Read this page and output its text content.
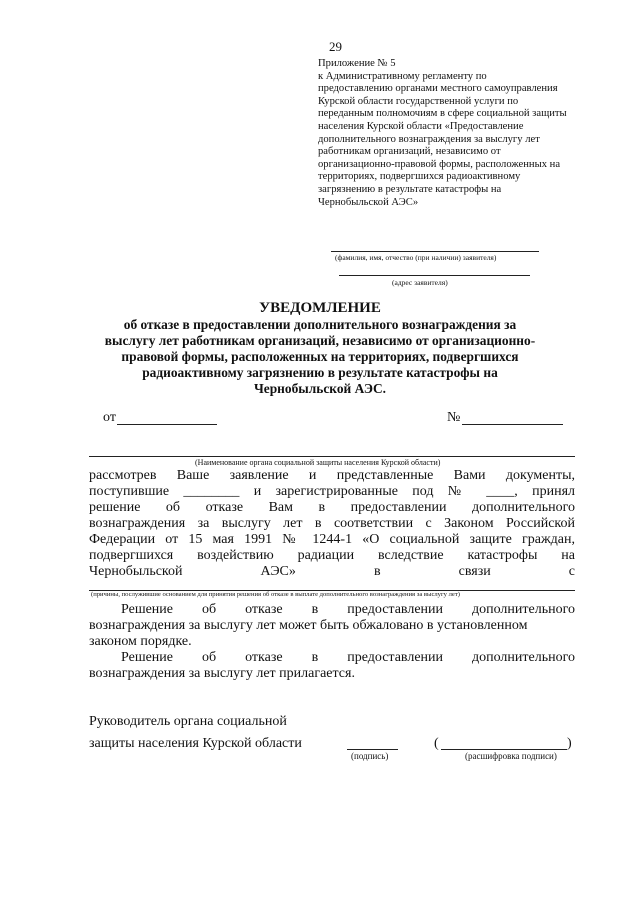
29
Приложение № 5
к Административному регламенту по
предоставлению органами местного самоуправления
Курской области государственной услуги по
переданным полномочиям в сфере социальной защиты
населения Курской области «Предоставление
дополнительного вознаграждения за выслугу лет
работникам организаций, независимо от
организационно-правовой формы, расположенных на
территориях, подвергшихся радиоактивному
загрязнению в результате катастрофы на
Чернобыльской АЭС»
(фамилия, имя, отчество (при наличии) заявителя)
(адрес заявителя)
УВЕДОМЛЕНИЕ
об отказе в предоставлении дополнительного вознаграждения за
выслугу лет работникам организаций, независимо от организационно-
правовой формы, расположенных на территориях, подвергшихся
радиоактивному загрязнению в результате катастрофы на
Чернобыльской АЭС.
от	№
(Наименование органа социальной защиты населения Курской области)
рассмотрев Ваше заявление и представленные Вами документы,
поступившие ________ и зарегистрированные под № ____, принял
решение об отказе Вам в предоставлении дополнительного
вознаграждения за выслугу лет в соответствии с Законом Российской
Федерации от 15 мая 1991 № 1244-1 «О социальной защите граждан,
подвергшихся воздействию радиации вследствие катастрофы на
Чернобыльской АЭС» в связи с
(причины, послужившие основанием для принятия решения об отказе в выплате дополнительного вознаграждения за выслугу лет)
Решение об отказе в предоставлении дополнительного
вознаграждения за выслугу лет может быть обжаловано в установленном
законом порядке.
Решение об отказе в предоставлении дополнительного
вознаграждения за выслугу лет прилагается.
Руководитель органа социальной
защиты населения Курской области
(подпись)
(	)
(расшифровка подписи)
